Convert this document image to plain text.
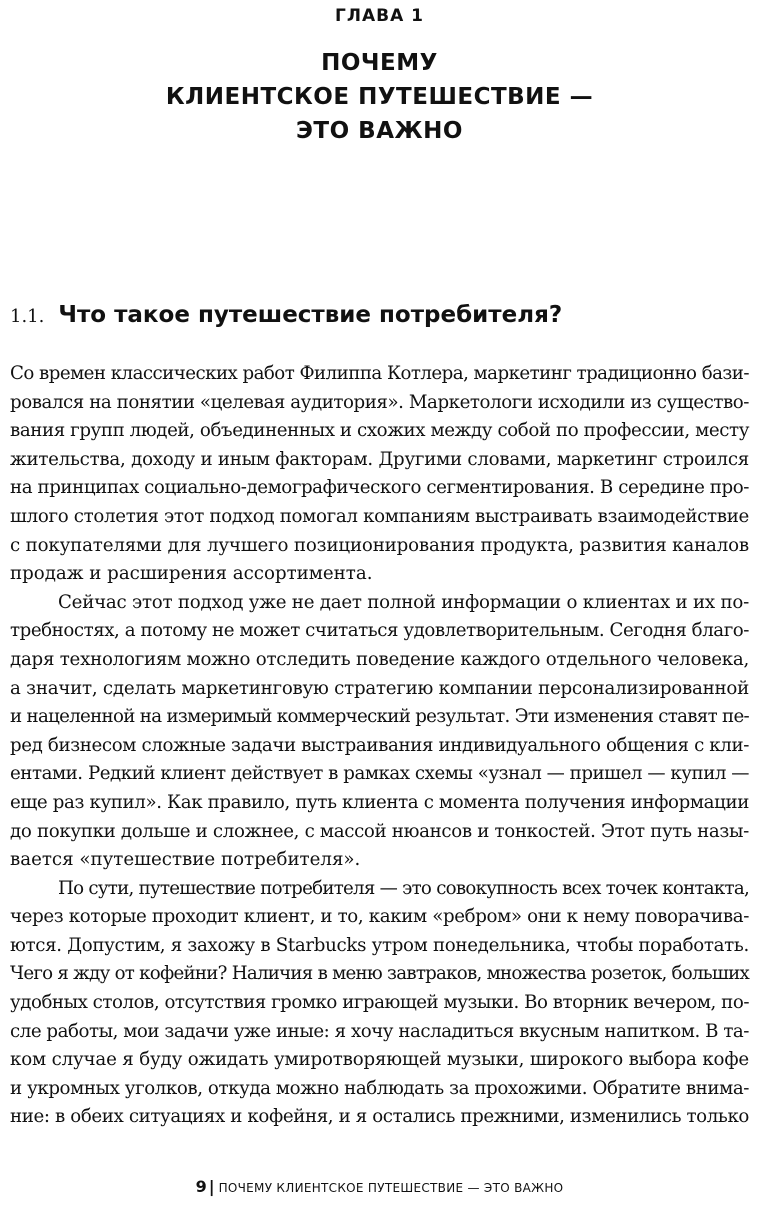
ГЛАВА 1
ПОЧЕМУ
КЛИЕНТСКОЕ ПУТЕШЕСТВИЕ —
ЭТО ВАЖНО
1.1. Что такое путешествие потребителя?
Со времен классических работ Филиппа Котлера, маркетинг традиционно бази-
ровался на понятии «целевая аудитория». Маркетологи исходили из существо-
вания групп людей, объединенных и схожих между собой по профессии, месту
жительства, доходу и иным факторам. Другими словами, маркетинг строился
на принципах социально-демографического сегментирования. В середине про-
шлого столетия этот подход помогал компаниям выстраивать взаимодействие
с покупателями для лучшего позиционирования продукта, развития каналов
продаж и расширения ассортимента.
Сейчас этот подход уже не дает полной информации о клиентах и их по-
требностях, а потому не может считаться удовлетворительным. Сегодня благо-
даря технологиям можно отследить поведение каждого отдельного человека,
а значит, сделать маркетинговую стратегию компании персонализированной
и нацеленной на измеримый коммерческий результат. Эти изменения ставят пе-
ред бизнесом сложные задачи выстраивания индивидуального общения с кли-
ентами. Редкий клиент действует в рамках схемы «узнал — пришел — купил —
еще раз купил». Как правило, путь клиента с момента получения информации
до покупки дольше и сложнее, с массой нюансов и тонкостей. Этот путь назы-
вается «путешествие потребителя».
По сути, путешествие потребителя — это совокупность всех точек контакта,
через которые проходит клиент, и то, каким «ребром» они к нему поворачива-
ются. Допустим, я захожу в Starbucks утром понедельника, чтобы поработать.
Чего я жду от кофейни? Наличия в меню завтраков, множества розеток, больших
удобных столов, отсутствия громко играющей музыки. Во вторник вечером, по-
сле работы, мои задачи уже иные: я хочу насладиться вкусным напитком. В та-
ком случае я буду ожидать умиротворяющей музыки, широкого выбора кофе
и укромных уголков, откуда можно наблюдать за прохожими. Обратите внима-
ние: в обеих ситуациях и кофейня, и я остались прежними, изменились только
9 | ПОЧЕМУ КЛИЕНТСКОЕ ПУТЕШЕСТВИЕ — ЭТО ВАЖНО
